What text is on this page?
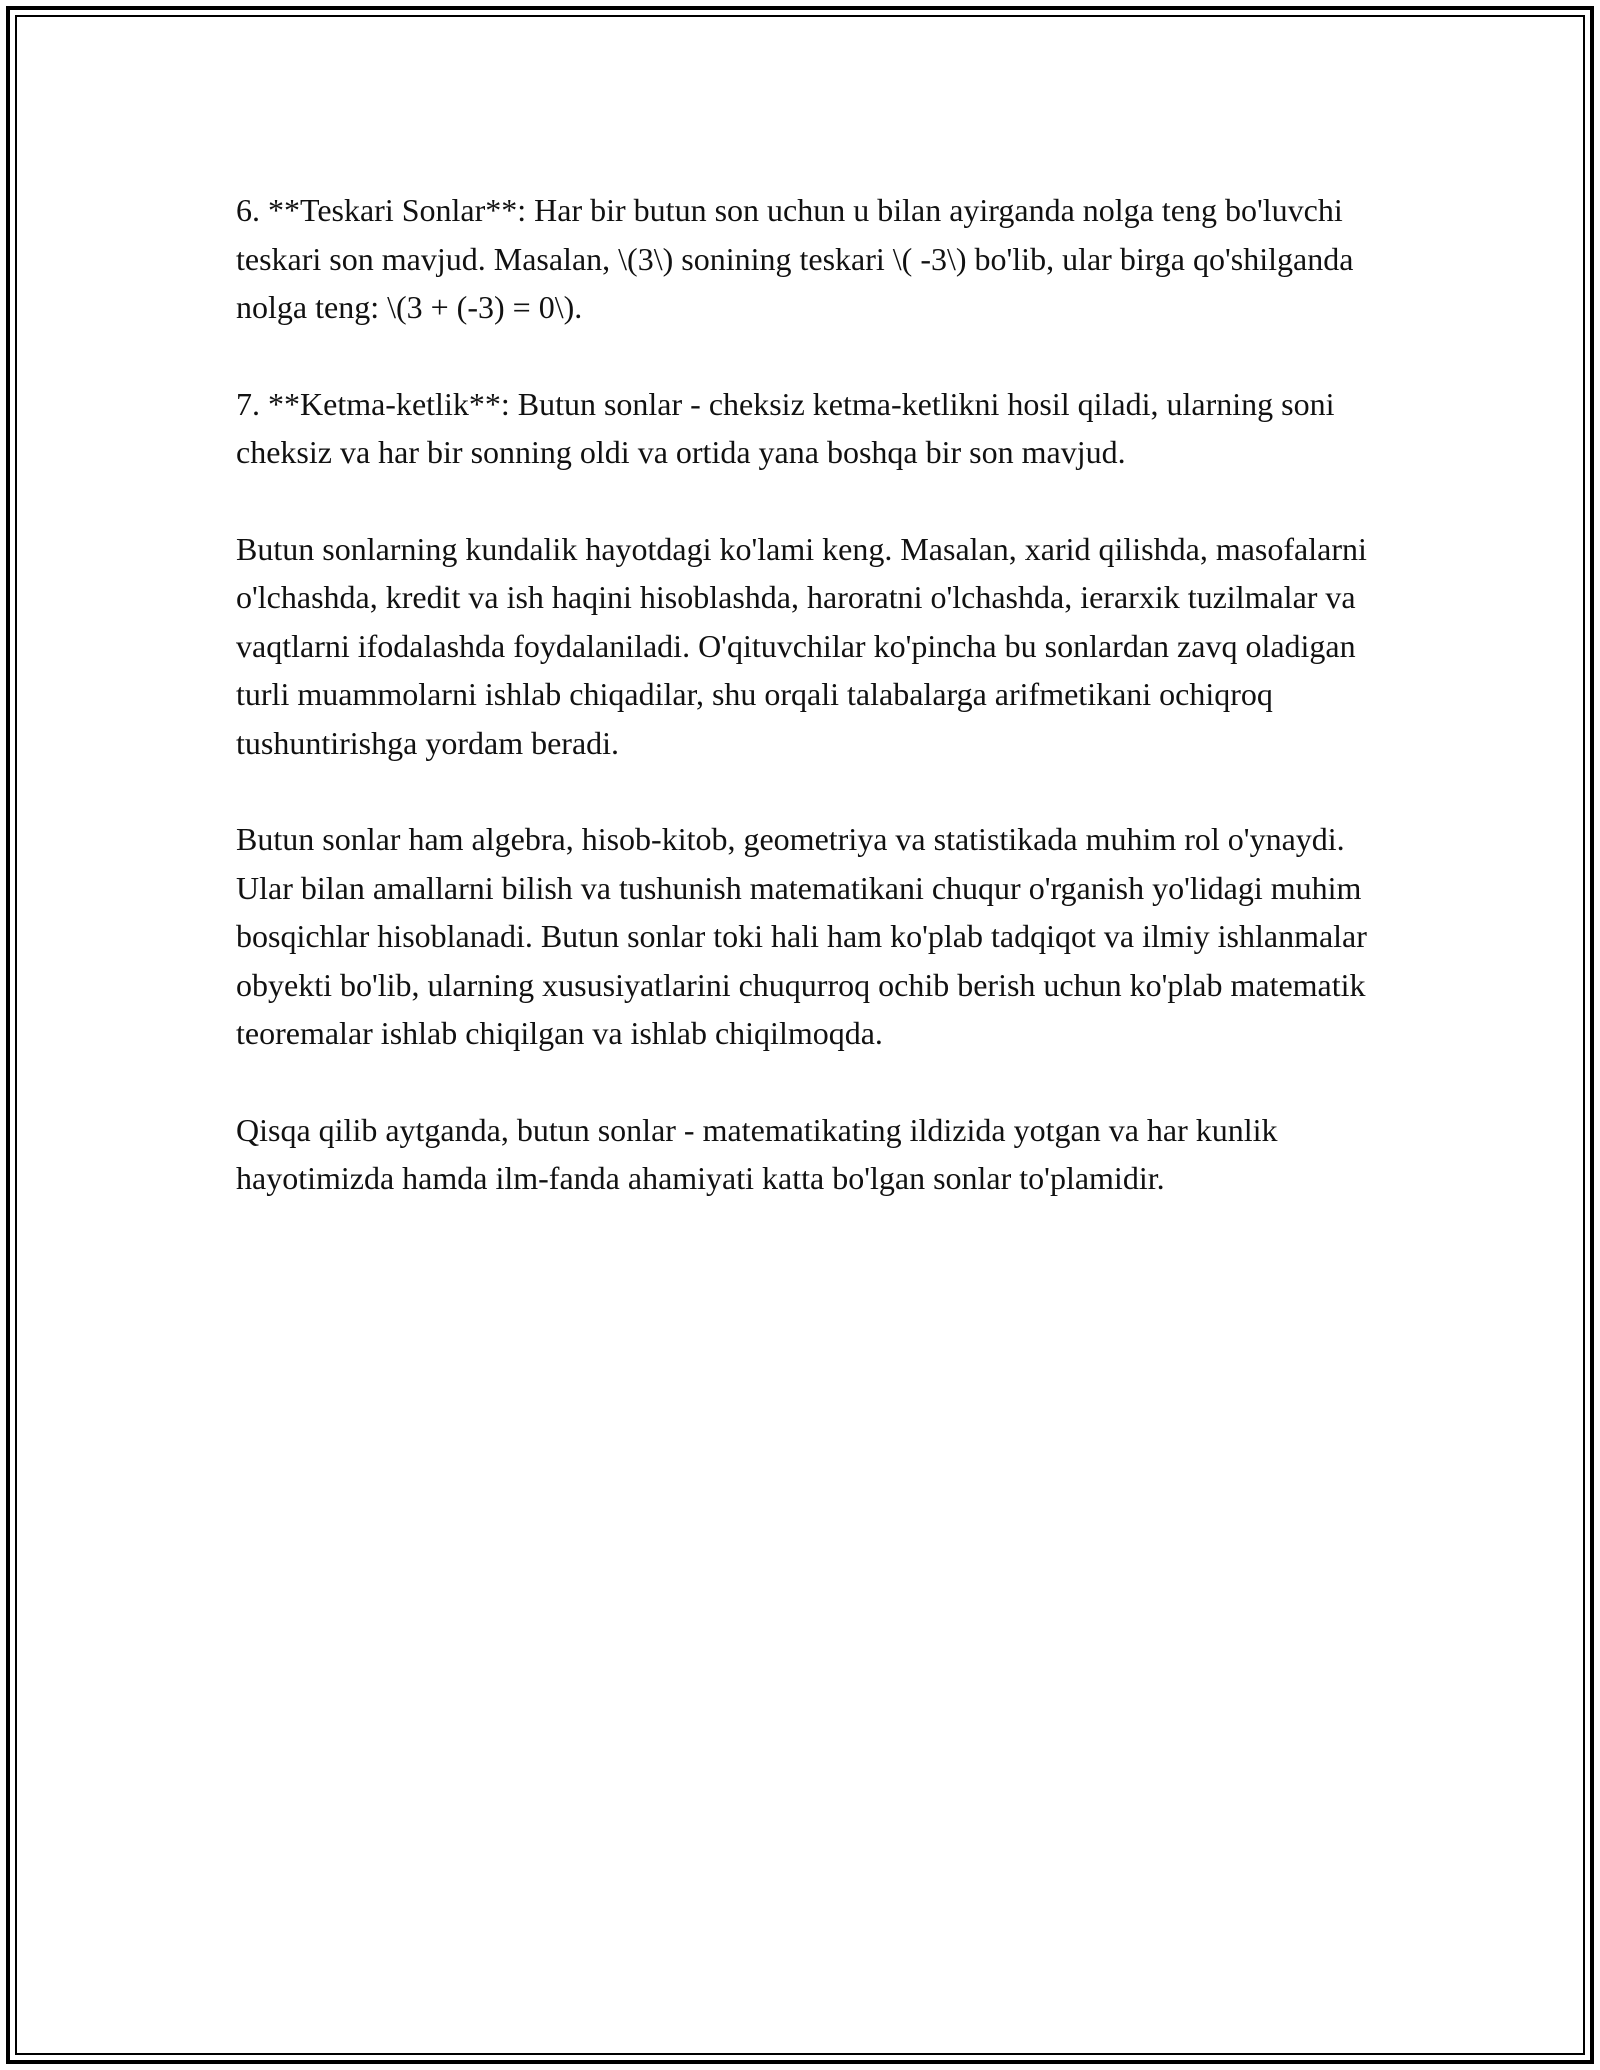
6. **Teskari Sonlar**: Har bir butun son uchun u bilan ayirganda nolga teng bo'luvchi teskari son mavjud. Masalan, \(3\) sonining teskari \( -3\) bo'lib, ular birga qo'shilganda nolga teng: \(3 + (-3) = 0\).

7. **Ketma-ketlik**: Butun sonlar - cheksiz ketma-ketlikni hosil qiladi, ularning soni cheksiz va har bir sonning oldi va ortida yana boshqa bir son mavjud.

Butun sonlarning kundalik hayotdagi ko'lami keng. Masalan, xarid qilishda, masofalarni o'lchashda, kredit va ish haqini hisoblashda, haroratni o'lchashda, ierarxik tuzilmalar va vaqtlarni ifodalashda foydalaniladi. O'qituvchilar ko'pincha bu sonlardan zavq oladigan turli muammolarni ishlab chiqadilar, shu orqali talabalarga arifmetikani ochiqroq tushuntirishga yordam beradi.

Butun sonlar ham algebra, hisob-kitob, geometriya va statistikada muhim rol o'ynaydi. Ular bilan amallarni bilish va tushunish matematikani chuqur o'rganish yo'lidagi muhim bosqichlar hisoblanadi. Butun sonlar toki hali ham ko'plab tadqiqot va ilmiy ishlanmalar obyekti bo'lib, ularning xususiyatlarini chuqurroq ochib berish uchun ko'plab matematik teoremalar ishlab chiqilgan va ishlab chiqilmoqda.

Qisqa qilib aytganda, butun sonlar - matematikating ildizida yotgan va har kunlik hayotimizda hamda ilm-fanda ahamiyati katta bo'lgan sonlar to'plamidir.
